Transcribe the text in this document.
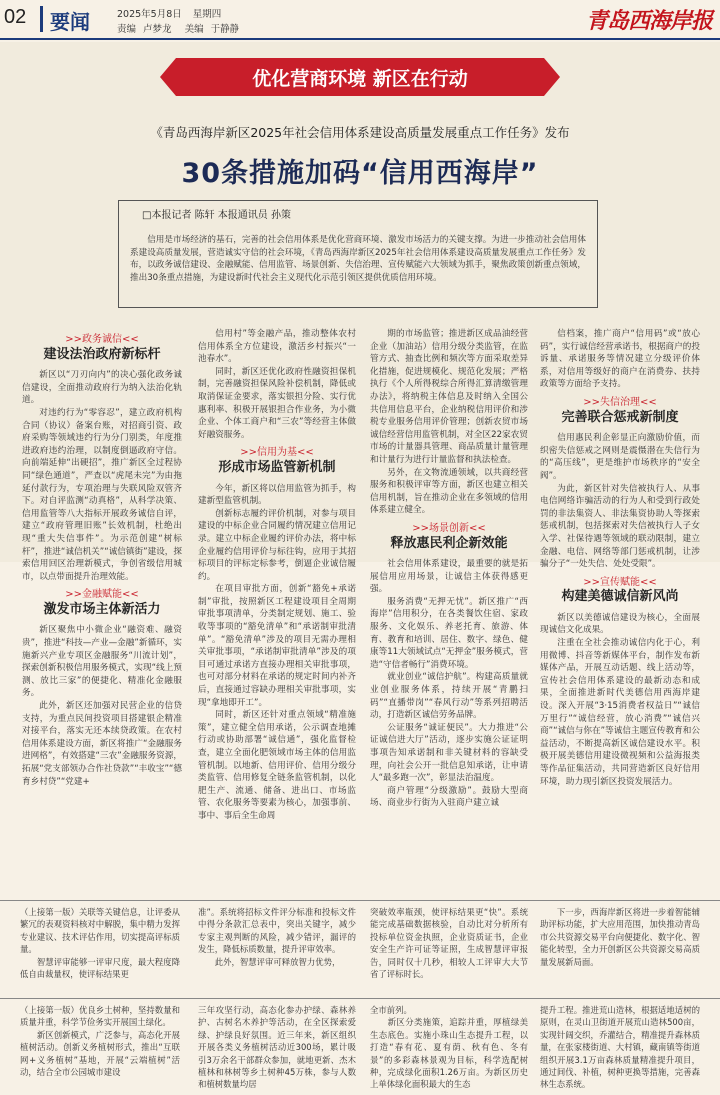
02 要闻	2025年5月8日 星期四
责编 卢梦龙 美编 于静静	青岛西海岸报
优化营商环境 新区在行动
《青岛西海岸新区2025年社会信用体系建设高质量发展重点工作任务》发布
30条措施加码“信用西海岸”
□本报记者 陈轩 本报通讯员 孙策
信用是市场经济的基石，完善的社会信用体系是优化营商环境、激发市场活力的关键支撑。为进一步推动社会信用体系建设高质量发展，营造诚实守信的社会环境，《青岛西海岸新区2025年社会信用体系建设高质量发展重点工作任务》发布，以政务诚信建设、金融赋能、信用监管、场景创新、失信治理、宣传赋能六大领域为抓手，聚焦政策创新重点领域，推出30条重点措施，为建设新时代社会主义现代化示范引领区提供优质信用环境。

>>政务诚信<<

建设法治政府新标杆

新区以“刀刃向内”的决心强化政务诚信建设，全面推动政府行为纳入法治化轨道。

对违约行为“零容忍”，建立政府机构合同（协议）备案台账，对招商引资、政府采购等领域违约行为分门别类，年度推进政府违约治理，以制度倒逼政府守信。向前端延伸“出硬招”，推广新区全过程协同“绿色通道”，严查以“虎尾未完”为由拖延付款行为，专项治理与失联风险双管齐下。对自评监测“动真格”，从科学决策、信用监管等八大指标开展政务诚信自评，建立“政府管理旧账”长效机制，杜绝出现“重大失信事件”。为示范创建“树标杆”，推进“诚信机关”“诚信镇街”建设，探索信用回区治理新模式，争创省级信用城市，以点带面提升治理效能。

>>金融赋能<<

激发市场主体新活力

新区聚焦中小微企业“融资难、融资贵”，推进“科技—产业—金融”新循环，实施新兴产业专项区金融服务“川流计划”，探索创新积极信用服务模式，实现“线上预测、放比三家”的便捷化、精准化金融服务。

此外，新区还加强对民营企业的信贷支持，为重点民间投资项目搭建银企精准对接平台，落实无还本续贷政策。在农村信用体系建设方面，新区将推广“金融服务进网格”，有效搭建“三农”金融服务资源，拓展“党支部领办合作社贷款”“丰收宝”“德育乡村贷”“党建+

信用村”等金融产品，推动整体农村信用体系全方位建设，激活乡村振兴“一池春水”。

同时，新区还优化政府性融资担保机制，完善融资担保风险补偿机制，降低或取消保证金要求，落实银担分险、实行优惠利率、积极开展银担合作业务，为小微企业、个体工商户和“三农”等经营主体做好融资服务。

>>信用为基<<

形成市场监管新机制

今年，新区将以信用监管为抓手，构建新型监管机制。

创新标志履约评价机制，对参与项目建设的中标企业合同履约情况建立信用记录。建立中标企业履约评价办法，将中标企业履约信用评价与标往钩，应用于其招标项目的评标定标参考，倒逼企业诚信履约。

在项目审批方面，创新“豁免+承诺制”审批，按照新区工程建设项目全周期审批事项清单，分类制定规划、施工、验收等事项的“豁免清单”和“承诺制审批清单”。“豁免清单”涉及的项目无需办理相关审批事项，“承诺制审批清单”涉及的项目可通过承诺方直接办理相关审批事项，也可对部分材料在承诺的规定时间内补齐后，直接通过容缺办理相关审批事项，实现“拿地即开工”。

同时，新区还针对重点领域“精准施策”，建立健全信用承诺，公示调查地摊行动或协助部署“诚信通”，强化监督检查，建立全面化肥领域市场主体的信用监管机制。以地新、信用评价、信用分级分类监管、信用修复全链条监管机制，以化肥生产、流通、储备、进出口、市场监管、农化服务等要素为核心，加强事前、事中、事后全生命周

期的市场监管；推进新区成品油经营企业（加油站）信用分级分类监管，在监管方式、抽查比例和频次等方面采取差异化措施，促进规模化、规范化发展；严格执行《个人所得税综合所得汇算清缴管理办法》，将纳税主体信息及时纳入全国公共信用信息平台，企业纳税信用评价和涉税专业服务信用评价管理；创新农贸市场诚信经营信用监管机制，对全区22家农贸市场的计量器具管理、商品质量计量管理和计量行为进行计量监督和执法检查。

另外，在文物流通领域，以共商经营服务和积极评审等方面，新区也建立相关信用机制，旨在推动企业在多领域的信用体系建立健全。

>>场景创新<<

释放惠民利企新效能

社会信用体系建设，最重要的就是拓展信用应用场景，让诚信主体获得感更强。

服务消费“无押无忧”。新区推广“西海岸”信用积分，在各类餐饮住宿、家政服务、文化娱乐、养老托育、旅游、体育、教育和培训、居住、数字、绿色、健康等11大领域试点“无押金”服务模式，营造“守信者畅行”消费环境。

就业创业“诚信护航”。构建高质量就业创业服务体系，持续开展“青鹏扫码”“直播带岗”“春风行动”等系列招聘活动，打造新区诚信劳务品牌。

公证服务“诚证便民”。大力推进“公证诚信进大厅”活动，逐步实施公证证明事项告知承诺制和非关键材料的容缺受理，向社会公开一批信息知承诺，让申请人“最多跑一次”，彰显法治温度。

商户管理“分级激励”。鼓励大型商场、商业步行街为入驻商户建立诚

信档案，推广商户“信用码”或“放心码”，实行诚信经营承诺书，根据商户的投诉量、承诺服务等情况建立分级评价体系，对信用等级好的商户在消费券、扶持政策等方面给予支持。

>>失信治理<<

完善联合惩戒新制度

信用惠民利企彰显正向激励价值，而织密失信惩戒之网则是震慑潜在失信行为的“高压线”，更是维护市场秩序的“安全阀”。

为此，新区针对失信被执行人、从事电信网络诈骗活动的行为人和受到行政处罚的非法集资人、非法集资协助人等探索惩戒机制，包括探索对失信被执行人子女入学、社保待遇等领域的联动限制，建立金融、电信、网络等部门惩戒机制，让涉骗分子“一处失信、处处受限”。

>>宣传赋能<<

构建美德诚信新风尚

新区以美德诚信建设为核心，全面展现诚信文化成果。

注重在全社会推动诚信内化于心，利用微博、抖音等新媒体平台，制作发布新媒体产品，开展互动话题、线上活动等，宣传社会信用体系建设的最新动态和成果，全面推进新时代美德信用西海岸建设。深入开展“3·15消费者权益日”“诚信万里行”“诚信经营，放心消费”“诚信兴商”“诚信与你在”等诚信主题宣传教育和公益活动，不断提高新区诚信建设水平。积极开展美德信用建设微视频和公益海报类等作品征集活动，共同营造新区良好信用环境，助力现引新区投资发展活力。

（上接第一版）关联等关键信息，让评委从繁冗的表观资料核对中解脱，集中精力发挥专业建议、技术评估作用，切实提高评标质量。
　　智慧评审能够一评审尺度，最大程度降低自由裁量权，使评标结果更
准”。系统将招标文件评分标准和投标文件中得分条款汇总表中，突出关键字，减少专家主观判断的风险，减少错评，漏评的发生，降低标质数量，提升评审效率。
　　此外，智慧评审可释放智力优势，
突破效率瓶颈，使评标结果更“快”。系统能完成基础数据核验，自动比对分析所有投标单位资金执照，企业资质证书，企业安全生产许可证等证照，生成智慧评审报告，同时仅十几秒，相较人工评审大大节省了评标时长。
　　下一步，西海岸新区将进一步着智能辅助评标功能，扩大应用范围，加快推动青岛市公共资源交易平台向便捷化、数字化、智能化转型，全力开创新区公共资源交易高质量发展新局面。
（上接第一版）优良乡土树种，坚持数量和质量并重，科学节俭务实开展国土绿化。
　　新区创新模式，广泛参与，高态化开展植树活动。创新义务植树形式，推出“互联网+义务植树”基地，开展“云端植树”活动，结合全市公园城市建设
三年攻坚行动，高态化参办护绿、森林养护、古树名木养护等活动，在全区探索爱绿、护绿良好氛围。近三年来，新区组织开展各类义务植树活动近300场，累计吸引3万余名干部群众参加，就地更新、杰木植林和林树等乡土树种45万株，参与人数和植树数量均居
全市前列。
　　新区分类施策，追踪并重，厚植绿美生态底色。实施小珠山生态提升工程，以打造“春有花、夏有荫、秋有色、冬有景”的多彩森林景观为目标，科学选配树种，完成绿化面积1.26万亩。为新区历史上单体绿化面积最大的生态
提升工程。推进荒山造林，根据适地适树的原则，在灵山卫街道开展荒山造林500亩，实现针阔交织，乔灌结合，精准提升森林质量，在张家楼街道、大村镇，藏南镇等街道组织开展3.1万亩森林质量精准提升项目，通过间伐、补植，树种更换等措施，完善森林生态系统。
